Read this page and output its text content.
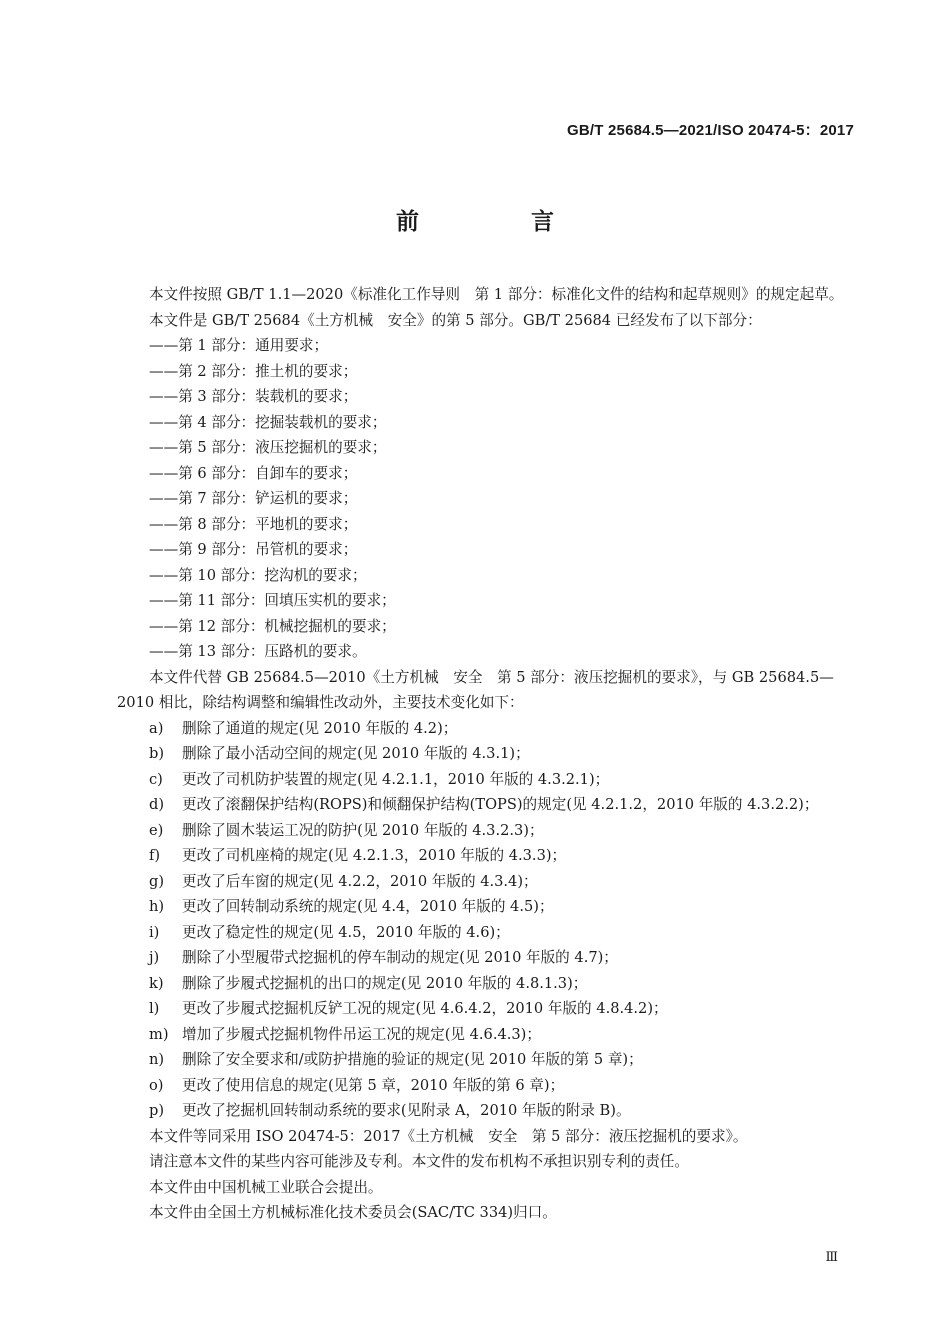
GB/T 25684.5—2021/ISO 20474-5：2017
前 言

本文件按照 GB/T 1.1—2020《标准化工作导则　第 1 部分：标准化文件的结构和起草规则》的规定起草。

本文件是 GB/T 25684《土方机械　安全》的第 5 部分。GB/T 25684 已经发布了以下部分：

——第 1 部分：通用要求；

——第 2 部分：推土机的要求；

——第 3 部分：装载机的要求；

——第 4 部分：挖掘装载机的要求；

——第 5 部分：液压挖掘机的要求；

——第 6 部分：自卸车的要求；

——第 7 部分：铲运机的要求；

——第 8 部分：平地机的要求；

——第 9 部分：吊管机的要求；

——第 10 部分：挖沟机的要求；

——第 11 部分：回填压实机的要求；

——第 12 部分：机械挖掘机的要求；

——第 13 部分：压路机的要求。

本文件代替 GB 25684.5—2010《土方机械　安全　第 5 部分：液压挖掘机的要求》，与 GB 25684.5—2010 相比，除结构调整和编辑性改动外，主要技术变化如下：

a)	删除了通道的规定(见 2010 年版的 4.2)；

b)	删除了最小活动空间的规定(见 2010 年版的 4.3.1)；

c)	更改了司机防护装置的规定(见 4.2.1.1，2010 年版的 4.3.2.1)；

d)	更改了滚翻保护结构(ROPS)和倾翻保护结构(TOPS)的规定(见 4.2.1.2，2010 年版的 4.3.2.2)；

e)	删除了圆木装运工况的防护(见 2010 年版的 4.3.2.3)；

f)	更改了司机座椅的规定(见 4.2.1.3，2010 年版的 4.3.3)；

g)	更改了后车窗的规定(见 4.2.2，2010 年版的 4.3.4)；

h)	更改了回转制动系统的规定(见 4.4，2010 年版的 4.5)；

i)	更改了稳定性的规定(见 4.5，2010 年版的 4.6)；

j)	删除了小型履带式挖掘机的停车制动的规定(见 2010 年版的 4.7)；

k)	删除了步履式挖掘机的出口的规定(见 2010 年版的 4.8.1.3)；

l)	更改了步履式挖掘机反铲工况的规定(见 4.6.4.2，2010 年版的 4.8.4.2)；

m) 增加了步履式挖掘机物件吊运工况的规定(见 4.6.4.3)；

n)	删除了安全要求和/或防护措施的验证的规定(见 2010 年版的第 5 章)；

o)	更改了使用信息的规定(见第 5 章，2010 年版的第 6 章)；

p)	更改了挖掘机回转制动系统的要求(见附录 A，2010 年版的附录 B)。

本文件等同采用 ISO 20474-5：2017《土方机械　安全　第 5 部分：液压挖掘机的要求》。

请注意本文件的某些内容可能涉及专利。本文件的发布机构不承担识别专利的责任。

本文件由中国机械工业联合会提出。

本文件由全国土方机械标准化技术委员会(SAC/TC 334)归口。

Ⅲ
